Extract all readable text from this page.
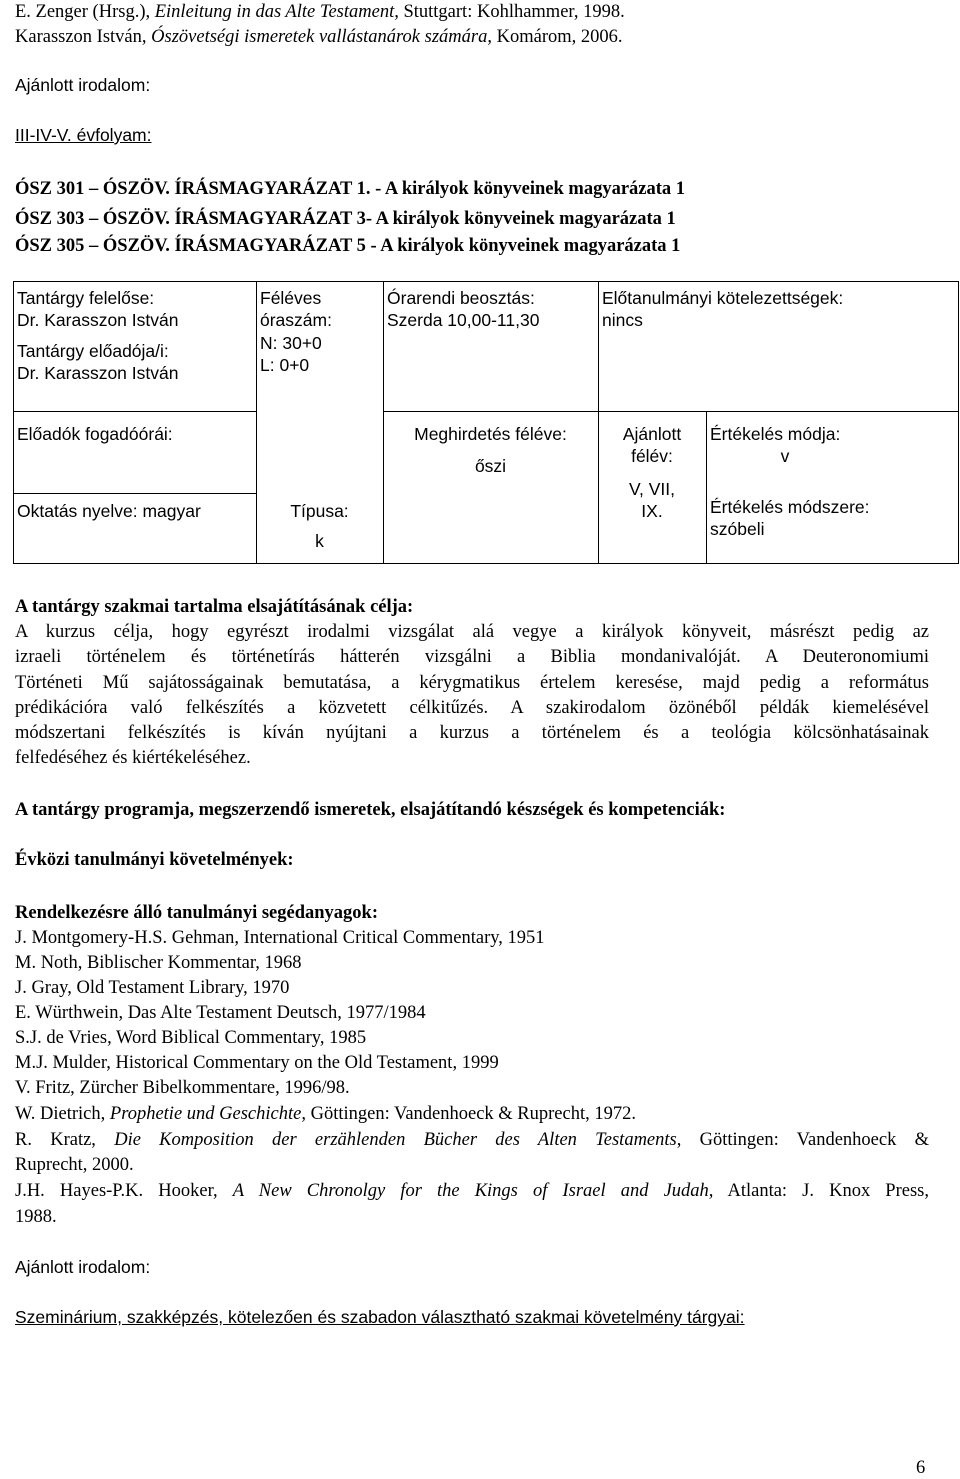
E. Zenger (Hrsg.), Einleitung in das Alte Testament, Stuttgart: Kohlhammer, 1998.
Karasszon István, Ószövetségi ismeretek vallástanárok számára, Komárom, 2006.
Ajánlott irodalom:
III-IV-V. évfolyam:
ÓSZ 301 – ÓSZÖV. ÍRÁSMAGYARÁZAT 1. - A királyok könyveinek magyarázata 1
ÓSZ 303 – ÓSZÖV. ÍRÁSMAGYARÁZAT 3- A királyok könyveinek magyarázata 1
ÓSZ 305 – ÓSZÖV. ÍRÁSMAGYARÁZAT 5 - A királyok könyveinek magyarázata 1
Tantárgy felelőse:
Dr. Karasszon István
Tantárgy előadója/i:
Dr. Karasszon István
Féléves
óraszám:
N: 30+0
L: 0+0
Órarendi beosztás:
Szerda 10,00-11,30
Előtanulmányi kötelezettségek:
nincs
Előadók fogadóórái:
Oktatás nyelve: magyar	Típusa:
k
Meghirdetés féléve:
őszi
Ajánlott
félév:
V, VII,
IX.
Értékelés módja:
v
Értékelés módszere:
szóbeli
A tantárgy szakmai tartalma elsajátításának célja:
A kurzus célja, hogy egyrészt irodalmi vizsgálat alá vegye a királyok könyveit, másrészt pedig az
izraeli történelem és történetírás hátterén vizsgálni a Biblia mondanivalóját. A Deuteronomiumi
Történeti Mű sajátosságainak bemutatása, a kérygmatikus értelem keresése, majd pedig a református
prédikációra való felkészítés a közvetett célkitűzés. A szakirodalom özönéből példák kiemelésével
módszertani felkészítés is kíván nyújtani a kurzus a történelem és a teológia kölcsönhatásainak
felfedéséhez és kiértékeléséhez.
A tantárgy programja, megszerzendő ismeretek, elsajátítandó készségek és kompetenciák:
Évközi tanulmányi követelmények:
Rendelkezésre álló tanulmányi segédanyagok:
J. Montgomery-H.S. Gehman, International Critical Commentary, 1951
M. Noth, Biblischer Kommentar, 1968
J. Gray, Old Testament Library, 1970
E. Würthwein, Das Alte Testament Deutsch, 1977/1984
S.J. de Vries, Word Biblical Commentary, 1985
M.J. Mulder, Historical Commentary on the Old Testament, 1999
V. Fritz, Zürcher Bibelkommentare, 1996/98.
W. Dietrich, Prophetie und Geschichte, Göttingen: Vandenhoeck & Ruprecht, 1972.
R. Kratz, Die Komposition der erzählenden Bücher des Alten Testaments, Göttingen: Vandenhoeck &
Ruprecht, 2000.
J.H. Hayes-P.K. Hooker, A New Chronolgy for the Kings of Israel and Judah, Atlanta: J. Knox Press,
1988.
Ajánlott irodalom:
Szeminárium, szakképzés, kötelezően és szabadon választható szakmai követelmény tárgyai:
6
